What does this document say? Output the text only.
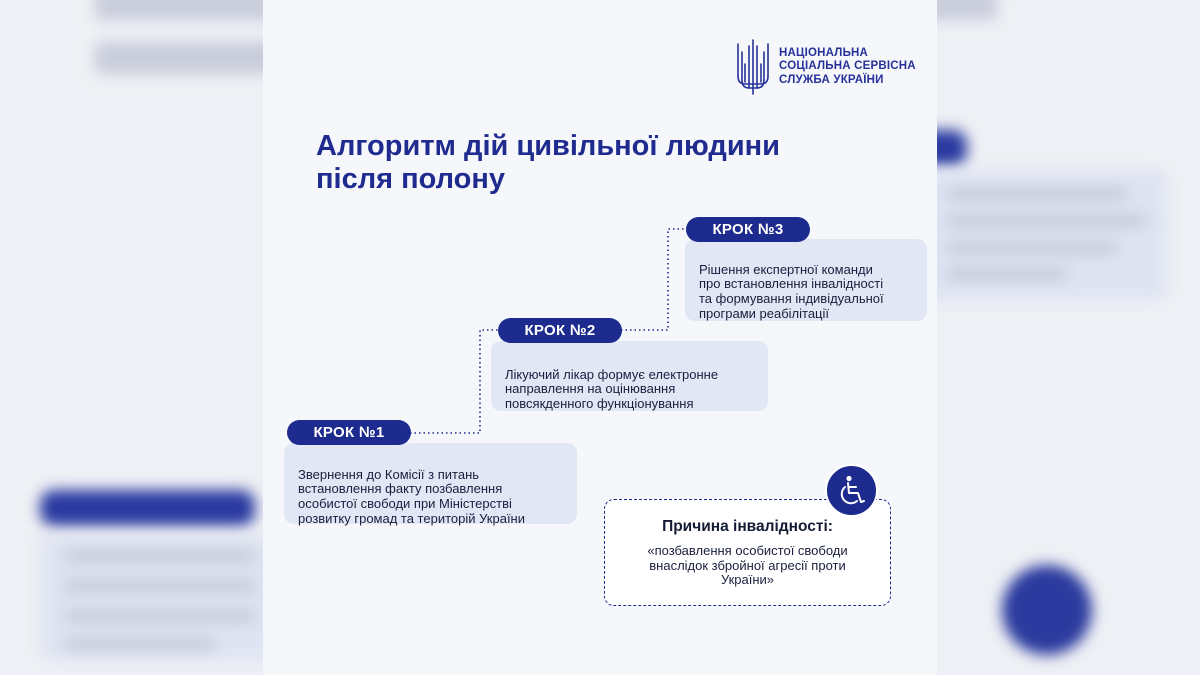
НАЦІОНАЛЬНА
СОЦІАЛЬНА СЕРВІСНА
СЛУЖБА УКРАЇНИ
Алгоритм дій цивільної людини
після полону

Звернення до Комісії з питань
встановлення факту позбавлення
особистої свободи при Міністерстві
розвитку громад та територій України

КРОК №1

Лікуючий лікар формує електронне
направлення на оцінювання
повсякденного функціонування

КРОК №2

Рішення експертної команди
про встановлення інвалідності
та формування індивідуальної
програми реабілітації

КРОК №3
Причина інвалідності:
«позбавлення особистої свободи
внаслідок збройної агресії проти
України»
